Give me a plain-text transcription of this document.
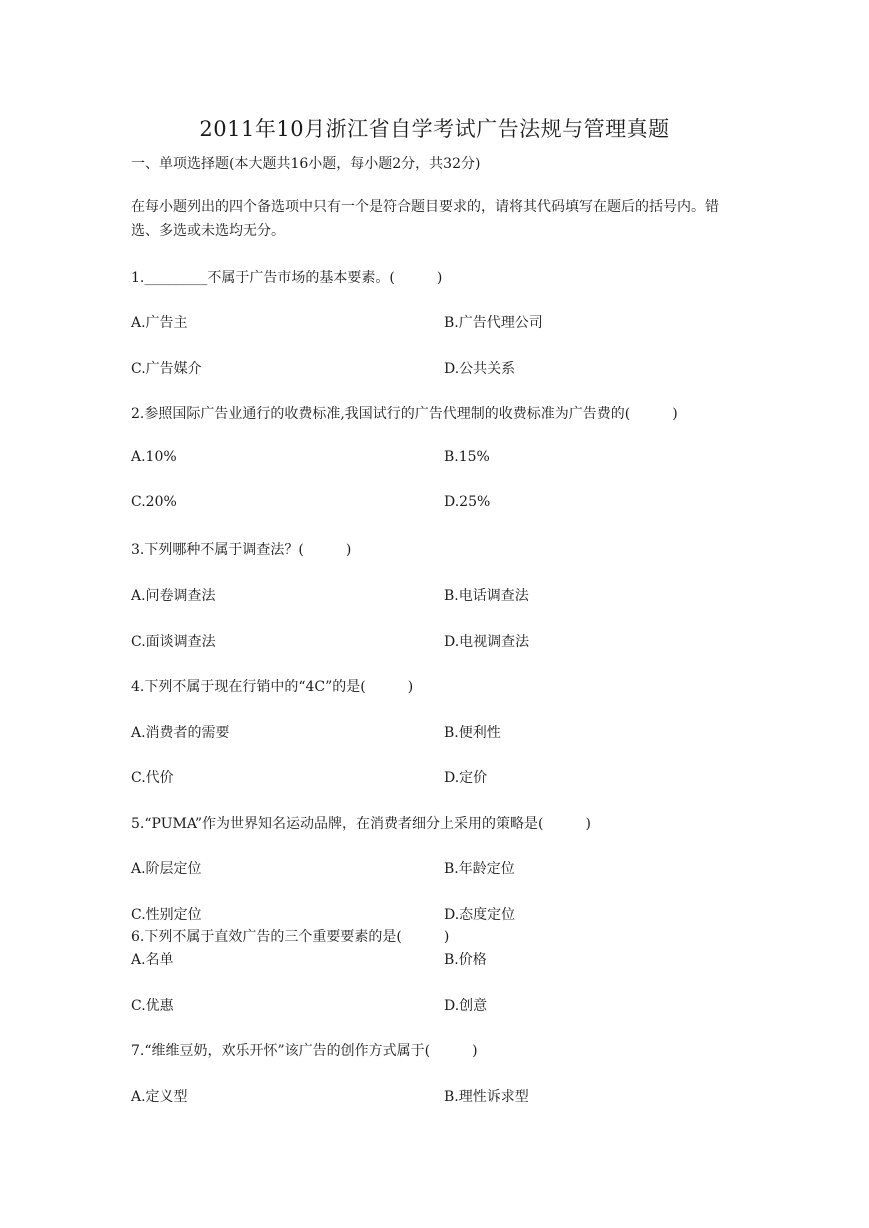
2011年10月浙江省自学考试广告法规与管理真题
一、单项选择题(本大题共16小题，每小题2分，共32分)
在每小题列出的四个备选项中只有一个是符合题目要求的，请将其代码填写在题后的括号内。错选、多选或未选均无分。
1._________不属于广告市场的基本要素。(　　　)
A.广告主	B.广告代理公司
C.广告媒介	D.公共关系
2.参照国际广告业通行的收费标准,我国试行的广告代理制的收费标准为广告费的(　　　)
A.10%	B.15%
C.20%	D.25%
3.下列哪种不属于调查法？(　　　)
A.问卷调查法	B.电话调查法
C.面谈调查法	D.电视调查法
4.下列不属于现在行销中的“4C”的是(　　　)
A.消费者的需要	B.便利性
C.代价	D.定价
5.“PUMA”作为世界知名运动品牌，在消费者细分上采用的策略是(　　　)
A.阶层定位	B.年龄定位
C.性别定位	D.态度定位
6.下列不属于直效广告的三个重要要素的是(　　　)
A.名单	B.价格
C.优惠	D.创意
7.“维维豆奶，欢乐开怀”该广告的创作方式属于(　　　)
A.定义型	B.理性诉求型
